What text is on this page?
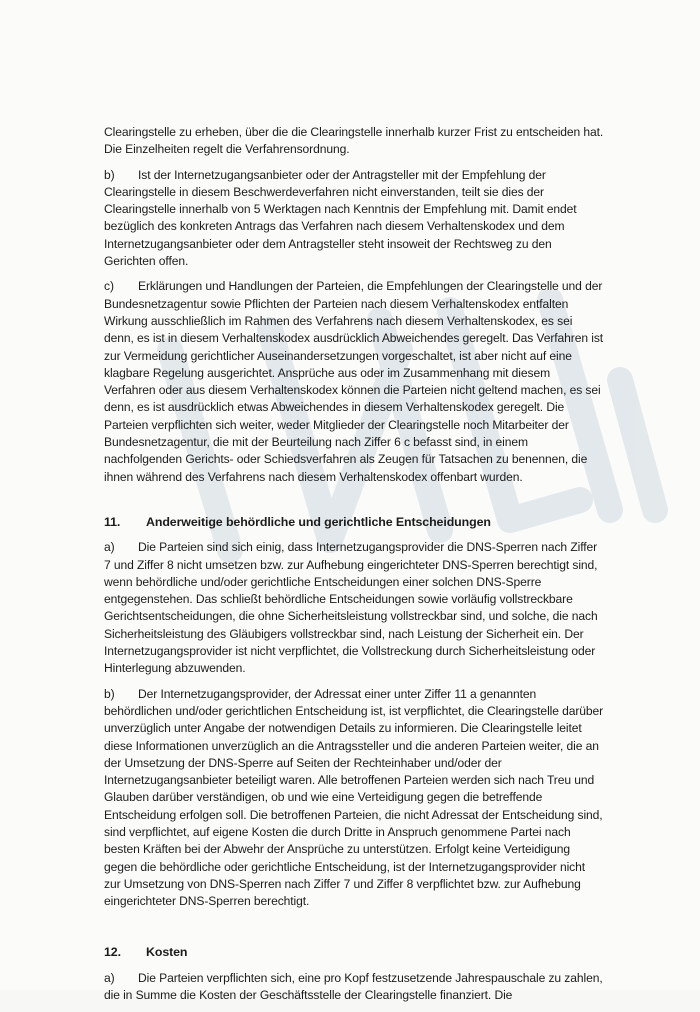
Clearingstelle zu erheben, über die die Clearingstelle innerhalb kurzer Frist zu entscheiden hat. Die Einzelheiten regelt die Verfahrensordnung.

b) Ist der Internetzugangsanbieter oder der Antragsteller mit der Empfehlung der Clearingstelle in diesem Beschwerdeverfahren nicht einverstanden, teilt sie dies der Clearingstelle innerhalb von 5 Werktagen nach Kenntnis der Empfehlung mit. Damit endet bezüglich des konkreten Antrags das Verfahren nach diesem Verhaltenskodex und dem Internetzugangsanbieter oder dem Antragsteller steht insoweit der Rechtsweg zu den Gerichten offen.

c) Erklärungen und Handlungen der Parteien, die Empfehlungen der Clearingstelle und der Bundesnetzagentur sowie Pflichten der Parteien nach diesem Verhaltenskodex entfalten Wirkung ausschließlich im Rahmen des Verfahrens nach diesem Verhaltenskodex, es sei denn, es ist in diesem Verhaltenskodex ausdrücklich Abweichendes geregelt. Das Verfahren ist zur Vermeidung gerichtlicher Auseinandersetzungen vorgeschaltet, ist aber nicht auf eine klagbare Regelung ausgerichtet. Ansprüche aus oder im Zusammenhang mit diesem Verfahren oder aus diesem Verhaltenskodex können die Parteien nicht geltend machen, es sei denn, es ist ausdrücklich etwas Abweichendes in diesem Verhaltenskodex geregelt. Die Parteien verpflichten sich weiter, weder Mitglieder der Clearingstelle noch Mitarbeiter der Bundesnetzagentur, die mit der Beurteilung nach Ziffer 6 c befasst sind, in einem nachfolgenden Gerichts- oder Schiedsverfahren als Zeugen für Tatsachen zu benennen, die ihnen während des Verfahrens nach diesem Verhaltenskodex offenbart wurden.

11. Anderweitige behördliche und gerichtliche Entscheidungen

a) Die Parteien sind sich einig, dass Internetzugangsprovider die DNS-Sperren nach Ziffer 7 und Ziffer 8 nicht umsetzen bzw. zur Aufhebung eingerichteter DNS-Sperren berechtigt sind, wenn behördliche und/oder gerichtliche Entscheidungen einer solchen DNS-Sperre entgegenstehen. Das schließt behördliche Entscheidungen sowie vorläufig vollstreckbare Gerichtsentscheidungen, die ohne Sicherheitsleistung vollstreckbar sind, und solche, die nach Sicherheitsleistung des Gläubigers vollstreckbar sind, nach Leistung der Sicherheit ein. Der Internetzugangsprovider ist nicht verpflichtet, die Vollstreckung durch Sicherheitsleistung oder Hinterlegung abzuwenden.

b) Der Internetzugangsprovider, der Adressat einer unter Ziffer 11 a genannten behördlichen und/oder gerichtlichen Entscheidung ist, ist verpflichtet, die Clearingstelle darüber unverzüglich unter Angabe der notwendigen Details zu informieren. Die Clearingstelle leitet diese Informationen unverzüglich an die Antragssteller und die anderen Parteien weiter, die an der Umsetzung der DNS-Sperre auf Seiten der Rechteinhaber und/oder der Internetzugangsanbieter beteiligt waren. Alle betroffenen Parteien werden sich nach Treu und Glauben darüber verständigen, ob und wie eine Verteidigung gegen die betreffende Entscheidung erfolgen soll. Die betroffenen Parteien, die nicht Adressat der Entscheidung sind, sind verpflichtet, auf eigene Kosten die durch Dritte in Anspruch genommene Partei nach besten Kräften bei der Abwehr der Ansprüche zu unterstützen. Erfolgt keine Verteidigung gegen die behördliche oder gerichtliche Entscheidung, ist der Internetzugangsprovider nicht zur Umsetzung von DNS-Sperren nach Ziffer 7 und Ziffer 8 verpflichtet bzw. zur Aufhebung eingerichteter DNS-Sperren berechtigt.

12. Kosten

a) Die Parteien verpflichten sich, eine pro Kopf festzusetzende Jahrespauschale zu zahlen, die in Summe die Kosten der Geschäftsstelle der Clearingstelle finanziert. Die
